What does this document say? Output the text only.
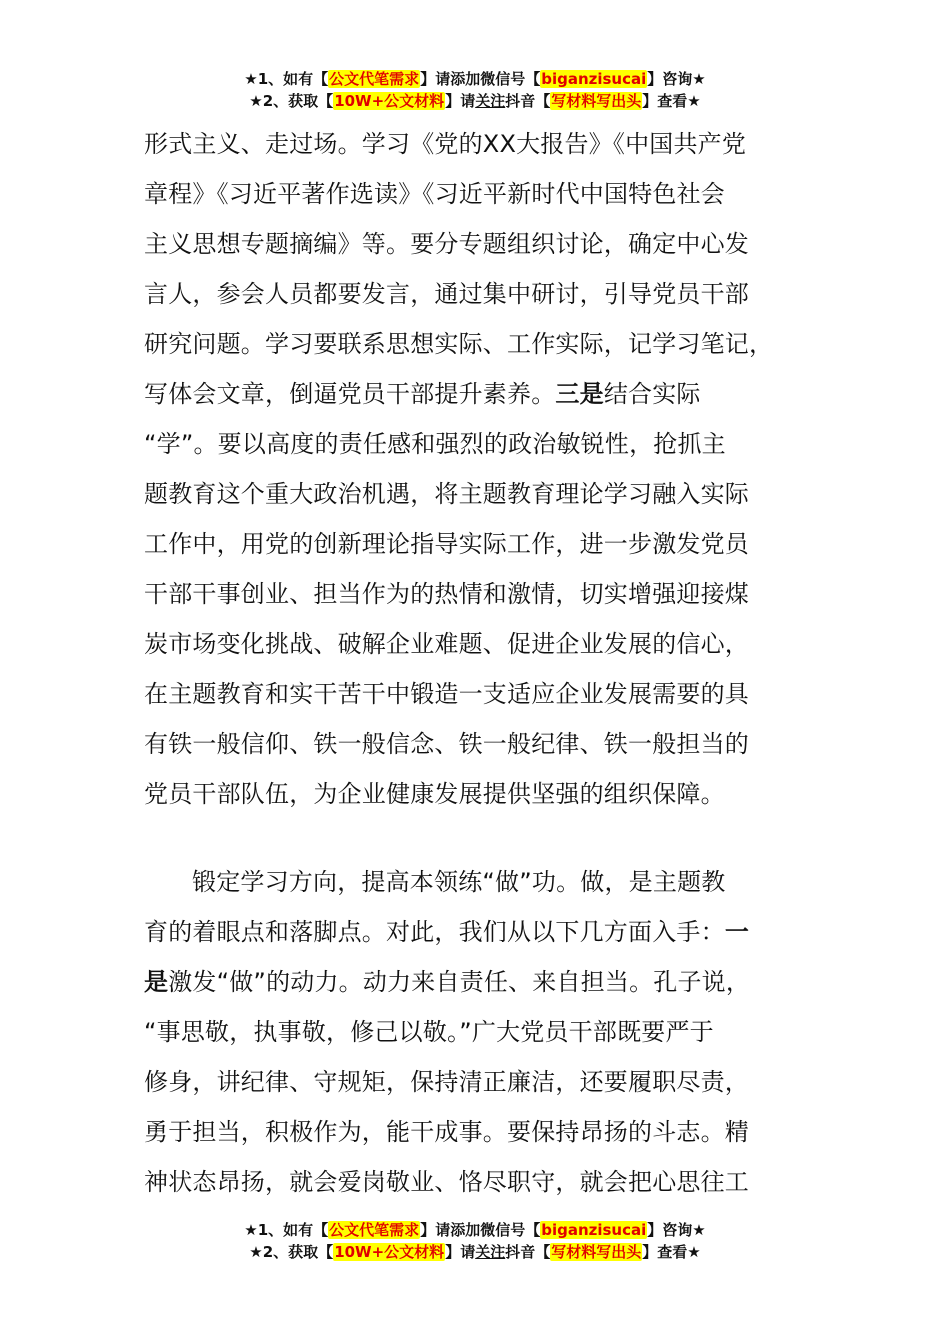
★1、如有【公文代笔需求】请添加微信号【biganzisucai】咨询★
★2、获取【10W+公文材料】请关注抖音【写材料写出头】查看★
形式主义、走过场。学习《党的XX大报告》《中国共产党
章程》《习近平著作选读》《习近平新时代中国特色社会
主义思想专题摘编》等。要分专题组织讨论，确定中心发
言人，参会人员都要发言，通过集中研讨，引导党员干部
研究问题。学习要联系思想实际、工作实际，记学习笔记，
写体会文章，倒逼党员干部提升素养。三是结合实际
“学”。要以高度的责任感和强烈的政治敏锐性，抢抓主
题教育这个重大政治机遇，将主题教育理论学习融入实际
工作中，用党的创新理论指导实际工作，进一步激发党员
干部干事创业、担当作为的热情和激情，切实增强迎接煤
炭市场变化挑战、破解企业难题、促进企业发展的信心，
在主题教育和实干苦干中锻造一支适应企业发展需要的具
有铁一般信仰、铁一般信念、铁一般纪律、铁一般担当的
党员干部队伍，为企业健康发展提供坚强的组织保障。
锻定学习方向，提高本领练“做”功。做，是主题教
育的着眼点和落脚点。对此，我们从以下几方面入手：一
是激发“做”的动力。动力来自责任、来自担当。孔子说，
“事思敬，执事敬，修己以敬。”广大党员干部既要严于
修身，讲纪律、守规矩，保持清正廉洁，还要履职尽责，
勇于担当，积极作为，能干成事。要保持昂扬的斗志。精
神状态昂扬，就会爱岗敬业、恪尽职守，就会把心思往工
★1、如有【公文代笔需求】请添加微信号【biganzisucai】咨询★
★2、获取【10W+公文材料】请关注抖音【写材料写出头】查看★
